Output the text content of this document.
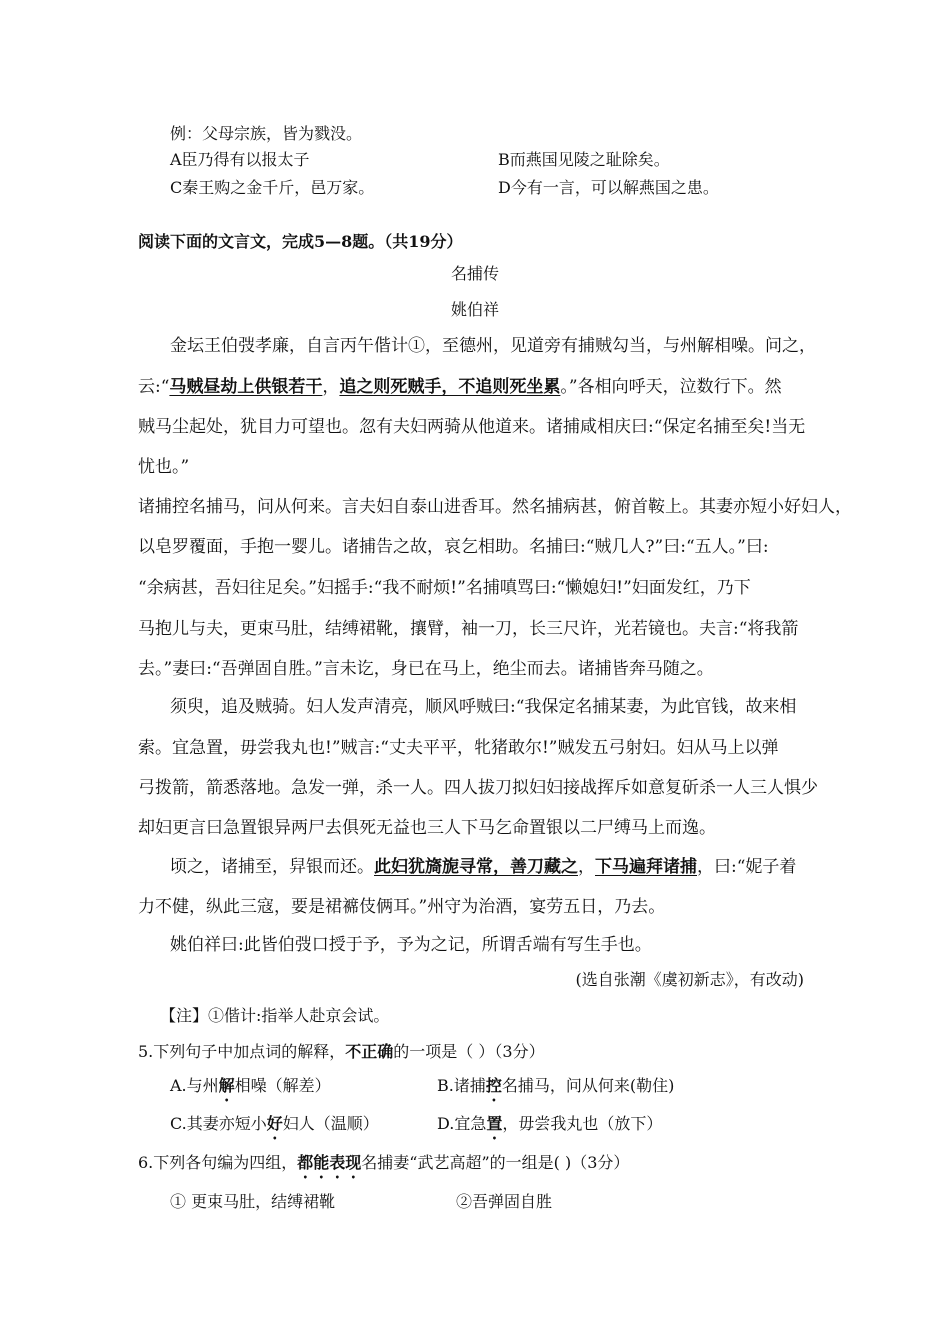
例：父母宗族，皆为戮没。
A臣乃得有以报太子	B而燕国见陵之耻除矣。
C秦王购之金千斤，邑万家。	D今有一言，可以解燕国之患。
阅读下面的文言文，完成5—8题。（共19分）
名捕传
姚伯祥
金坛王伯弢孝廉，自言丙午偕计①，至德州，见道旁有捕贼勾当，与州解相噪。问之，
云:“马贼昼劫上供银若干，追之则死贼手，不追则死坐累。”各相向呼天，泣数行下。然
贼马尘起处，犹目力可望也。忽有夫妇两骑从他道来。诸捕咸相庆曰:“保定名捕至矣!当无
忧也。”
诸捕控名捕马，问从何来。言夫妇自泰山进香耳。然名捕病甚，俯首鞍上。其妻亦短小好妇人，
以皂罗覆面，手抱一婴儿。诸捕告之故，哀乞相助。名捕曰:“贼几人?”曰:“五人。”曰:
“余病甚，吾妇往足矣。”妇摇手:“我不耐烦!”名捕嗔骂曰:“懒媳妇!”妇面发红，乃下
马抱儿与夫，更束马肚，结缚裙靴，攘臂，袖一刀，长三尺许，光若镜也。夫言:“将我箭
去。”妻曰:“吾弹固自胜。”言未讫，身已在马上，绝尘而去。诸捕皆奔马随之。
须臾，追及贼骑。妇人发声清亮，顺风呼贼曰:“我保定名捕某妻，为此官钱，故来相
索。宜急置，毋尝我丸也!”贼言:“丈夫平平，牝猪敢尔!”贼发五弓射妇。妇从马上以弹
弓拨箭，箭悉落地。急发一弹，杀一人。四人拔刀拟妇妇接战挥斥如意复斫杀一人三人惧少
却妇更言曰急置银异两尸去俱死无益也三人下马乞命置银以二尸缚马上而逸。
顷之，诸捕至，舁银而还。此妇犹旖旎寻常，善刀藏之，下马遍拜诸捕，曰:“妮子着
力不健，纵此三寇，要是裙褯伎俩耳。”州守为治酒，宴劳五日，乃去。
姚伯祥曰:此皆伯弢口授于予，予为之记，所谓舌端有写生手也。
(选自张潮《虞初新志》，有改动)
【注】①偕计:指举人赴京会试。
5.下列句子中加点词的解释，不正确的一项是（ ）（3分）
A.与州解相噪（解差）	B.诸捕控名捕马，问从何来(勒住)
C.其妻亦短小好妇人（温顺）	D.宜急置，毋尝我丸也（放下）
6.下列各句编为四组，都能表现名捕妻“武艺高超”的一组是( )（3分）
① 更束马肚，结缚裙靴	②吾弹固自胜
